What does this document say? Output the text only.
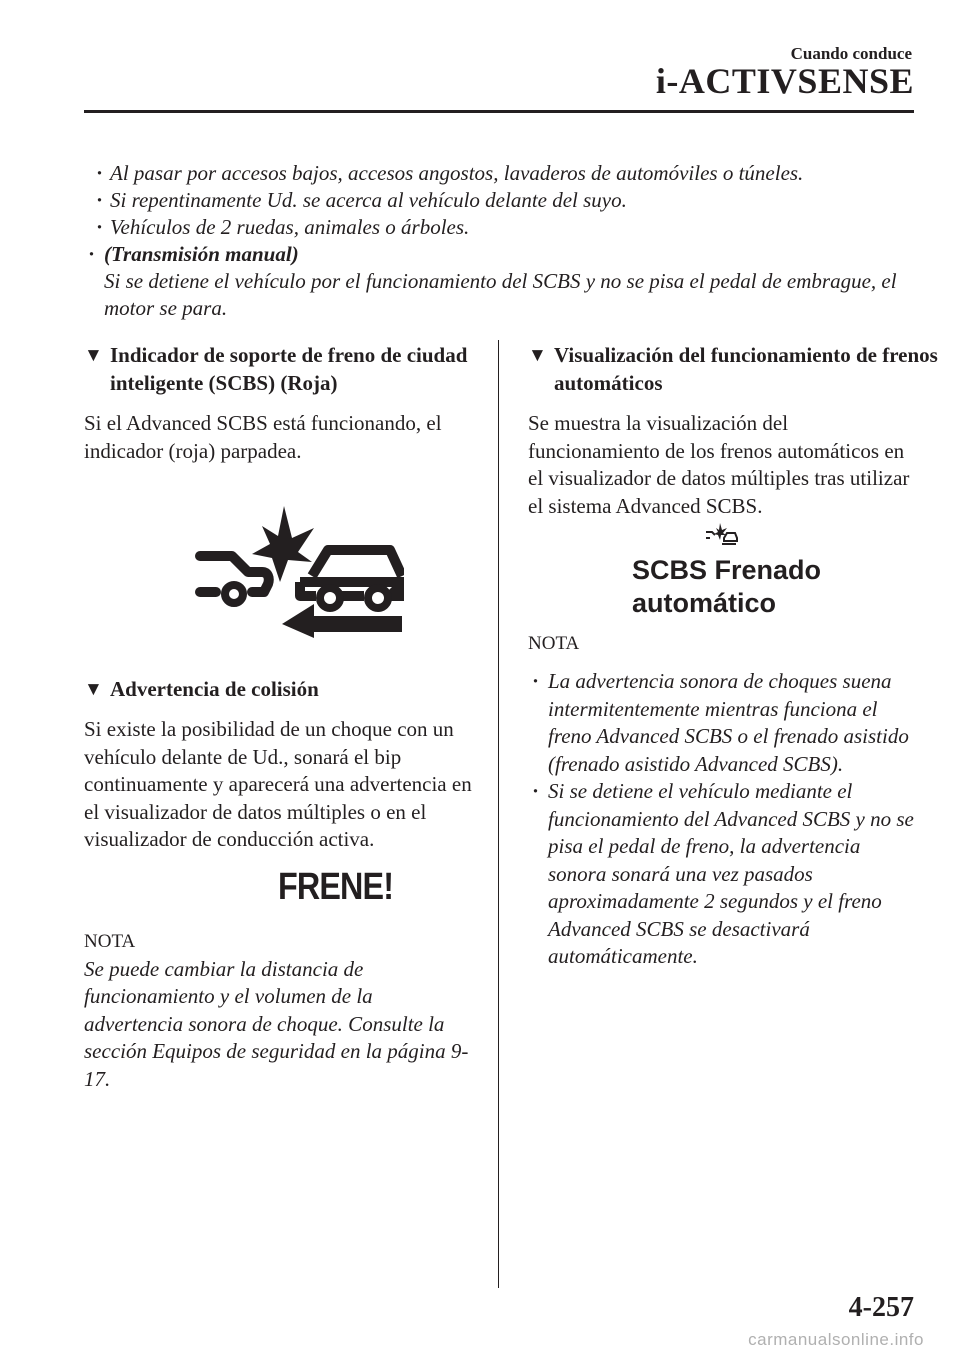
Cuando conduce
i-ACTIVSENSE
· Al pasar por accesos bajos, accesos angostos, lavaderos de automóviles o túneles.
· Si repentinamente Ud. se acerca al vehículo delante del suyo.
· Vehículos de 2 ruedas, animales o árboles.
· (Transmisión manual)
Si se detiene el vehículo por el funcionamiento del SCBS y no se pisa el pedal de embrague, el motor se para.
▼ Indicador de soporte de freno de ciudad inteligente (SCBS) (Roja)
Si el Advanced SCBS está funcionando, el indicador (roja) parpadea.
▼ Advertencia de colisión
Si existe la posibilidad de un choque con un vehículo delante de Ud., sonará el bip continuamente y aparecerá una advertencia en el visualizador de datos múltiples o en el visualizador de conducción activa.
FRENE!
NOTA
Se puede cambiar la distancia de funcionamiento y el volumen de la advertencia sonora de choque. Consulte la sección Equipos de seguridad en la página 9-17.
▼ Visualización del funcionamiento de frenos automáticos
Se muestra la visualización del funcionamiento de los frenos automáticos en el visualizador de datos múltiples tras utilizar el sistema Advanced SCBS.
SCBS Frenado
automático
NOTA
· La advertencia sonora de choques suena intermitentemente mientras funciona el freno Advanced SCBS o el frenado asistido (frenado asistido Advanced SCBS).
· Si se detiene el vehículo mediante el funcionamiento del Advanced SCBS y no se pisa el pedal de freno, la advertencia sonora sonará una vez pasados aproximadamente 2 segundos y el freno Advanced SCBS se desactivará automáticamente.
4-257
carmanualsonline.info
